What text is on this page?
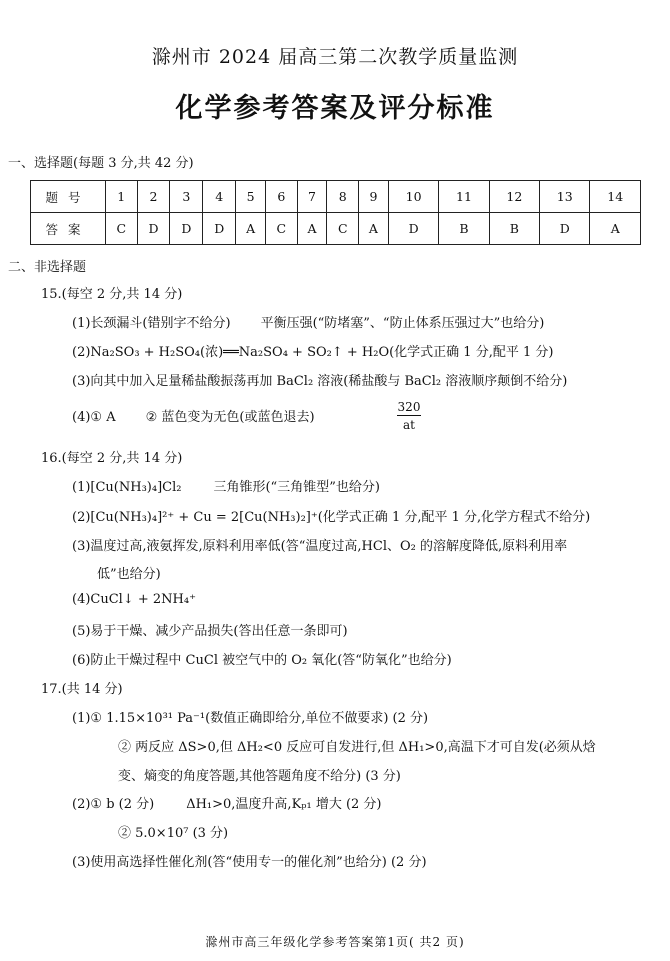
滁州市 2024 届高三第二次教学质量监测
化学参考答案及评分标准
一、选择题(每题 3 分,共 42 分)
题号	1	2	3	4	5	6	7	8	9	10	11	12	13	14
答案	C	D	D	D	A	C	A	C	A	D	B	B	D	A
二、非选择题
15.(每空 2 分,共 14 分)
(1)长颈漏斗(错别字不给分) 平衡压强(“防堵塞”、“防止体系压强过大”也给分)
(2)Na₂SO₃ + H₂SO₄(浓)══Na₂SO₄ + SO₂↑ + H₂O(化学式正确 1 分,配平 1 分)
(3)向其中加入足量稀盐酸振荡再加 BaCl₂ 溶液(稀盐酸与 BaCl₂ 溶液顺序颠倒不给分)
(4)① A ② 蓝色变为无色(或蓝色退去)	$\frac{320}{at}$
16.(每空 2 分,共 14 分)
(1)[Cu(NH₃)₄]Cl₂ 三角锥形(“三角锥型”也给分)
(2)[Cu(NH₃)₄]²⁺ + Cu = 2[Cu(NH₃)₂]⁺(化学式正确 1 分,配平 1 分,化学方程式不给分)
(3)温度过高,液氨挥发,原料利用率低(答“温度过高,HCl、O₂ 的溶解度降低,原料利用率
低”也给分)
(4)CuCl↓ + 2NH₄⁺
(5)易于干燥、减少产品损失(答出任意一条即可)
(6)防止干燥过程中 CuCl 被空气中的 O₂ 氧化(答“防氧化”也给分)
17.(共 14 分)
(1)① 1.15×10³¹ Pa⁻¹(数值正确即给分,单位不做要求) (2 分)
② 两反应 ΔS>0,但 ΔH₂<0 反应可自发进行,但 ΔH₁>0,高温下才可自发(必须从焓
变、熵变的角度答题,其他答题角度不给分) (3 分)
(2)① b (2 分) ΔH₁>0,温度升高,Kₚ₁ 增大 (2 分)
② 5.0×10⁷ (3 分)
(3)使用高选择性催化剂(答“使用专一的催化剂”也给分) (2 分)
滁州市高三年级化学参考答案第1页( 共2 页)
